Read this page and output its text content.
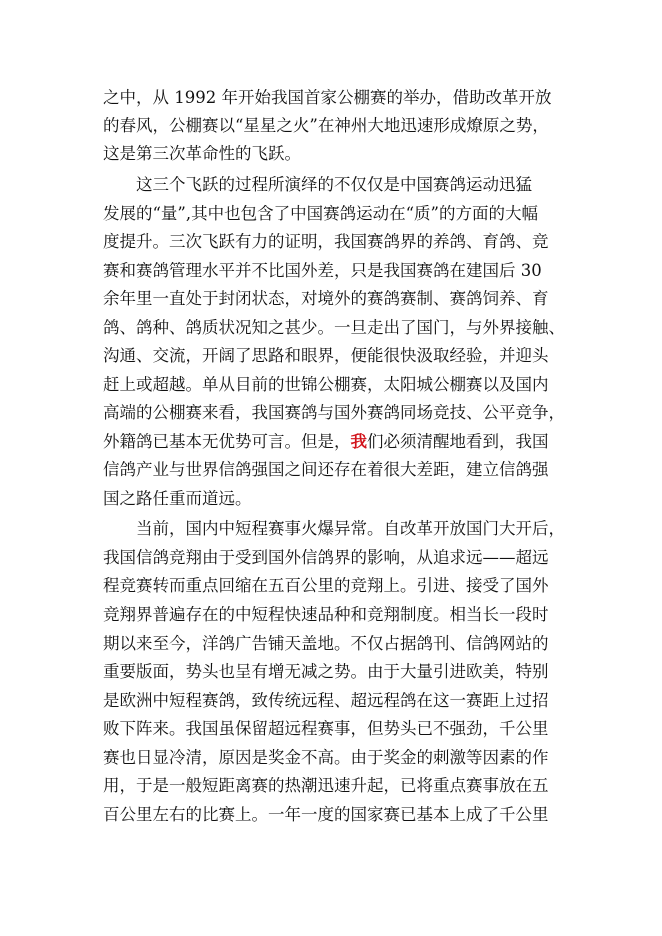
之中，从 1992 年开始我国首家公棚赛的举办，借助改革开放
的春风，公棚赛以“星星之火”在神州大地迅速形成燎原之势，
这是第三次革命性的飞跃。
这三个飞跃的过程所演绎的不仅仅是中国赛鸽运动迅猛
发展的“量”,其中也包含了中国赛鸽运动在“质”的方面的大幅
度提升。三次飞跃有力的证明，我国赛鸽界的养鸽、育鸽、竞
赛和赛鸽管理水平并不比国外差，只是我国赛鸽在建国后 30
余年里一直处于封闭状态，对境外的赛鸽赛制、赛鸽饲养、育
鸽、鸽种、鸽质状况知之甚少。一旦走出了国门，与外界接触、
沟通、交流，开阔了思路和眼界，便能很快汲取经验，并迎头
赶上或超越。单从目前的世锦公棚赛，太阳城公棚赛以及国内
高端的公棚赛来看，我国赛鸽与国外赛鸽同场竞技、公平竞争，
外籍鸽已基本无优势可言。但是，我们必须清醒地看到，我国
信鸽产业与世界信鸽强国之间还存在着很大差距，建立信鸽强
国之路任重而道远。
当前，国内中短程赛事火爆异常。自改革开放国门大开后，
我国信鸽竞翔由于受到国外信鸽界的影响，从追求远——超远
程竞赛转而重点回缩在五百公里的竞翔上。引进、接受了国外
竞翔界普遍存在的中短程快速品种和竞翔制度。相当长一段时
期以来至今，洋鸽广告铺天盖地。不仅占据鸽刊、信鸽网站的
重要版面，势头也呈有增无减之势。由于大量引进欧美，特别
是欧洲中短程赛鸽，致传统远程、超远程鸽在这一赛距上过招
败下阵来。我国虽保留超远程赛事，但势头已不强劲，千公里
赛也日显冷清，原因是奖金不高。由于奖金的刺激等因素的作
用，于是一般短距离赛的热潮迅速升起，已将重点赛事放在五
百公里左右的比赛上。一年一度的国家赛已基本上成了千公里
